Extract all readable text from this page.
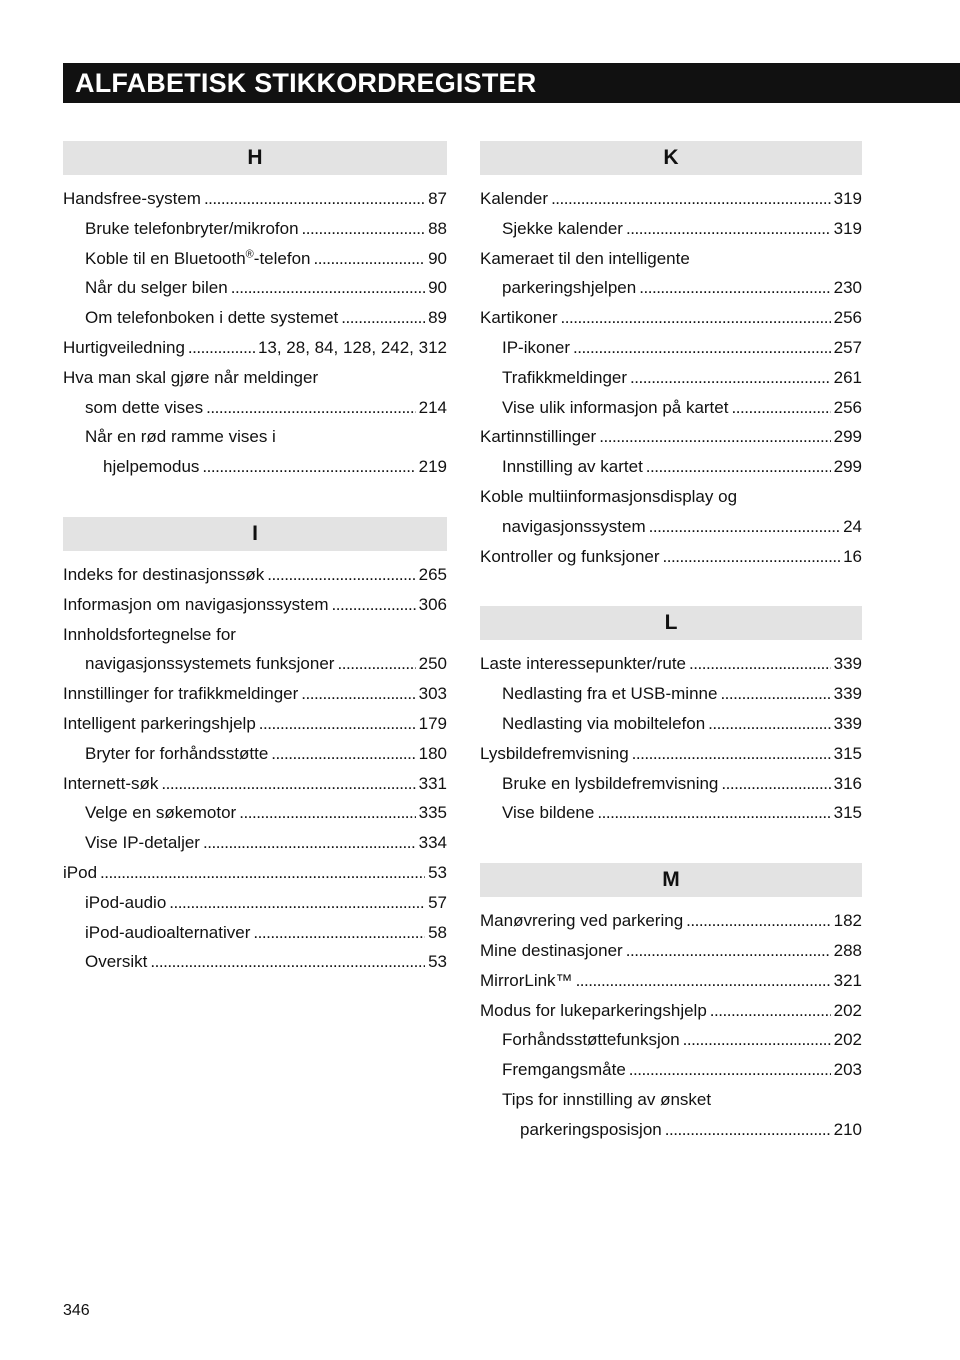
ALFABETISK STIKKORDREGISTER
H
Handsfree-system . . .	87
Bruke telefonbryter/mikrofon . . .	88
Koble til en Bluetooth®-telefon . . .	90
Når du selger bilen . . .	90
Om telefonboken i dette systemet . . .	89
Hurtigveiledning . . .	13, 28, 84, 128, 242, 312
Hva man skal gjøre når meldinger
som dette vises . . .	214
Når en rød ramme vises i
hjelpemodus . . .	219
I
Indeks for destinasjonssøk . . .	265
Informasjon om navigasjonssystem . . .	306
Innholdsfortegnelse for
navigasjonssystemets funksjoner . . .	250
Innstillinger for trafikkmeldinger . . .	303
Intelligent parkeringshjelp . . .	179
Bryter for forhåndsstøtte . . .	180
Internett-søk . . .	331
Velge en søkemotor . . .	335
Vise IP-detaljer . . .	334
iPod . . .	53
iPod-audio . . .	57
iPod-audioalternativer . . .	58
Oversikt . . .	53
K
Kalender . . .	319
Sjekke kalender . . .	319
Kameraet til den intelligente
parkeringshjelpen . . .	230
Kartikoner . . .	256
IP-ikoner . . .	257
Trafikkmeldinger . . .	261
Vise ulik informasjon på kartet . . .	256
Kartinnstillinger . . .	299
Innstilling av kartet . . .	299
Koble multiinformasjonsdisplay og
navigasjonssystem . . .	24
Kontroller og funksjoner . . .	16
L
Laste interessepunkter/rute . . .	339
Nedlasting fra et USB-minne . . .	339
Nedlasting via mobiltelefon . . .	339
Lysbildefremvisning . . .	315
Bruke en lysbildefremvisning . . .	316
Vise bildene . . .	315
M
Manøvrering ved parkering . . .	182
Mine destinasjoner . . .	288
MirrorLink™ . . .	321
Modus for lukeparkeringshjelp . . .	202
Forhåndsstøttefunksjon . . .	202
Fremgangsmåte . . .	203
Tips for innstilling av ønsket
parkeringsposisjon . . .	210
346
